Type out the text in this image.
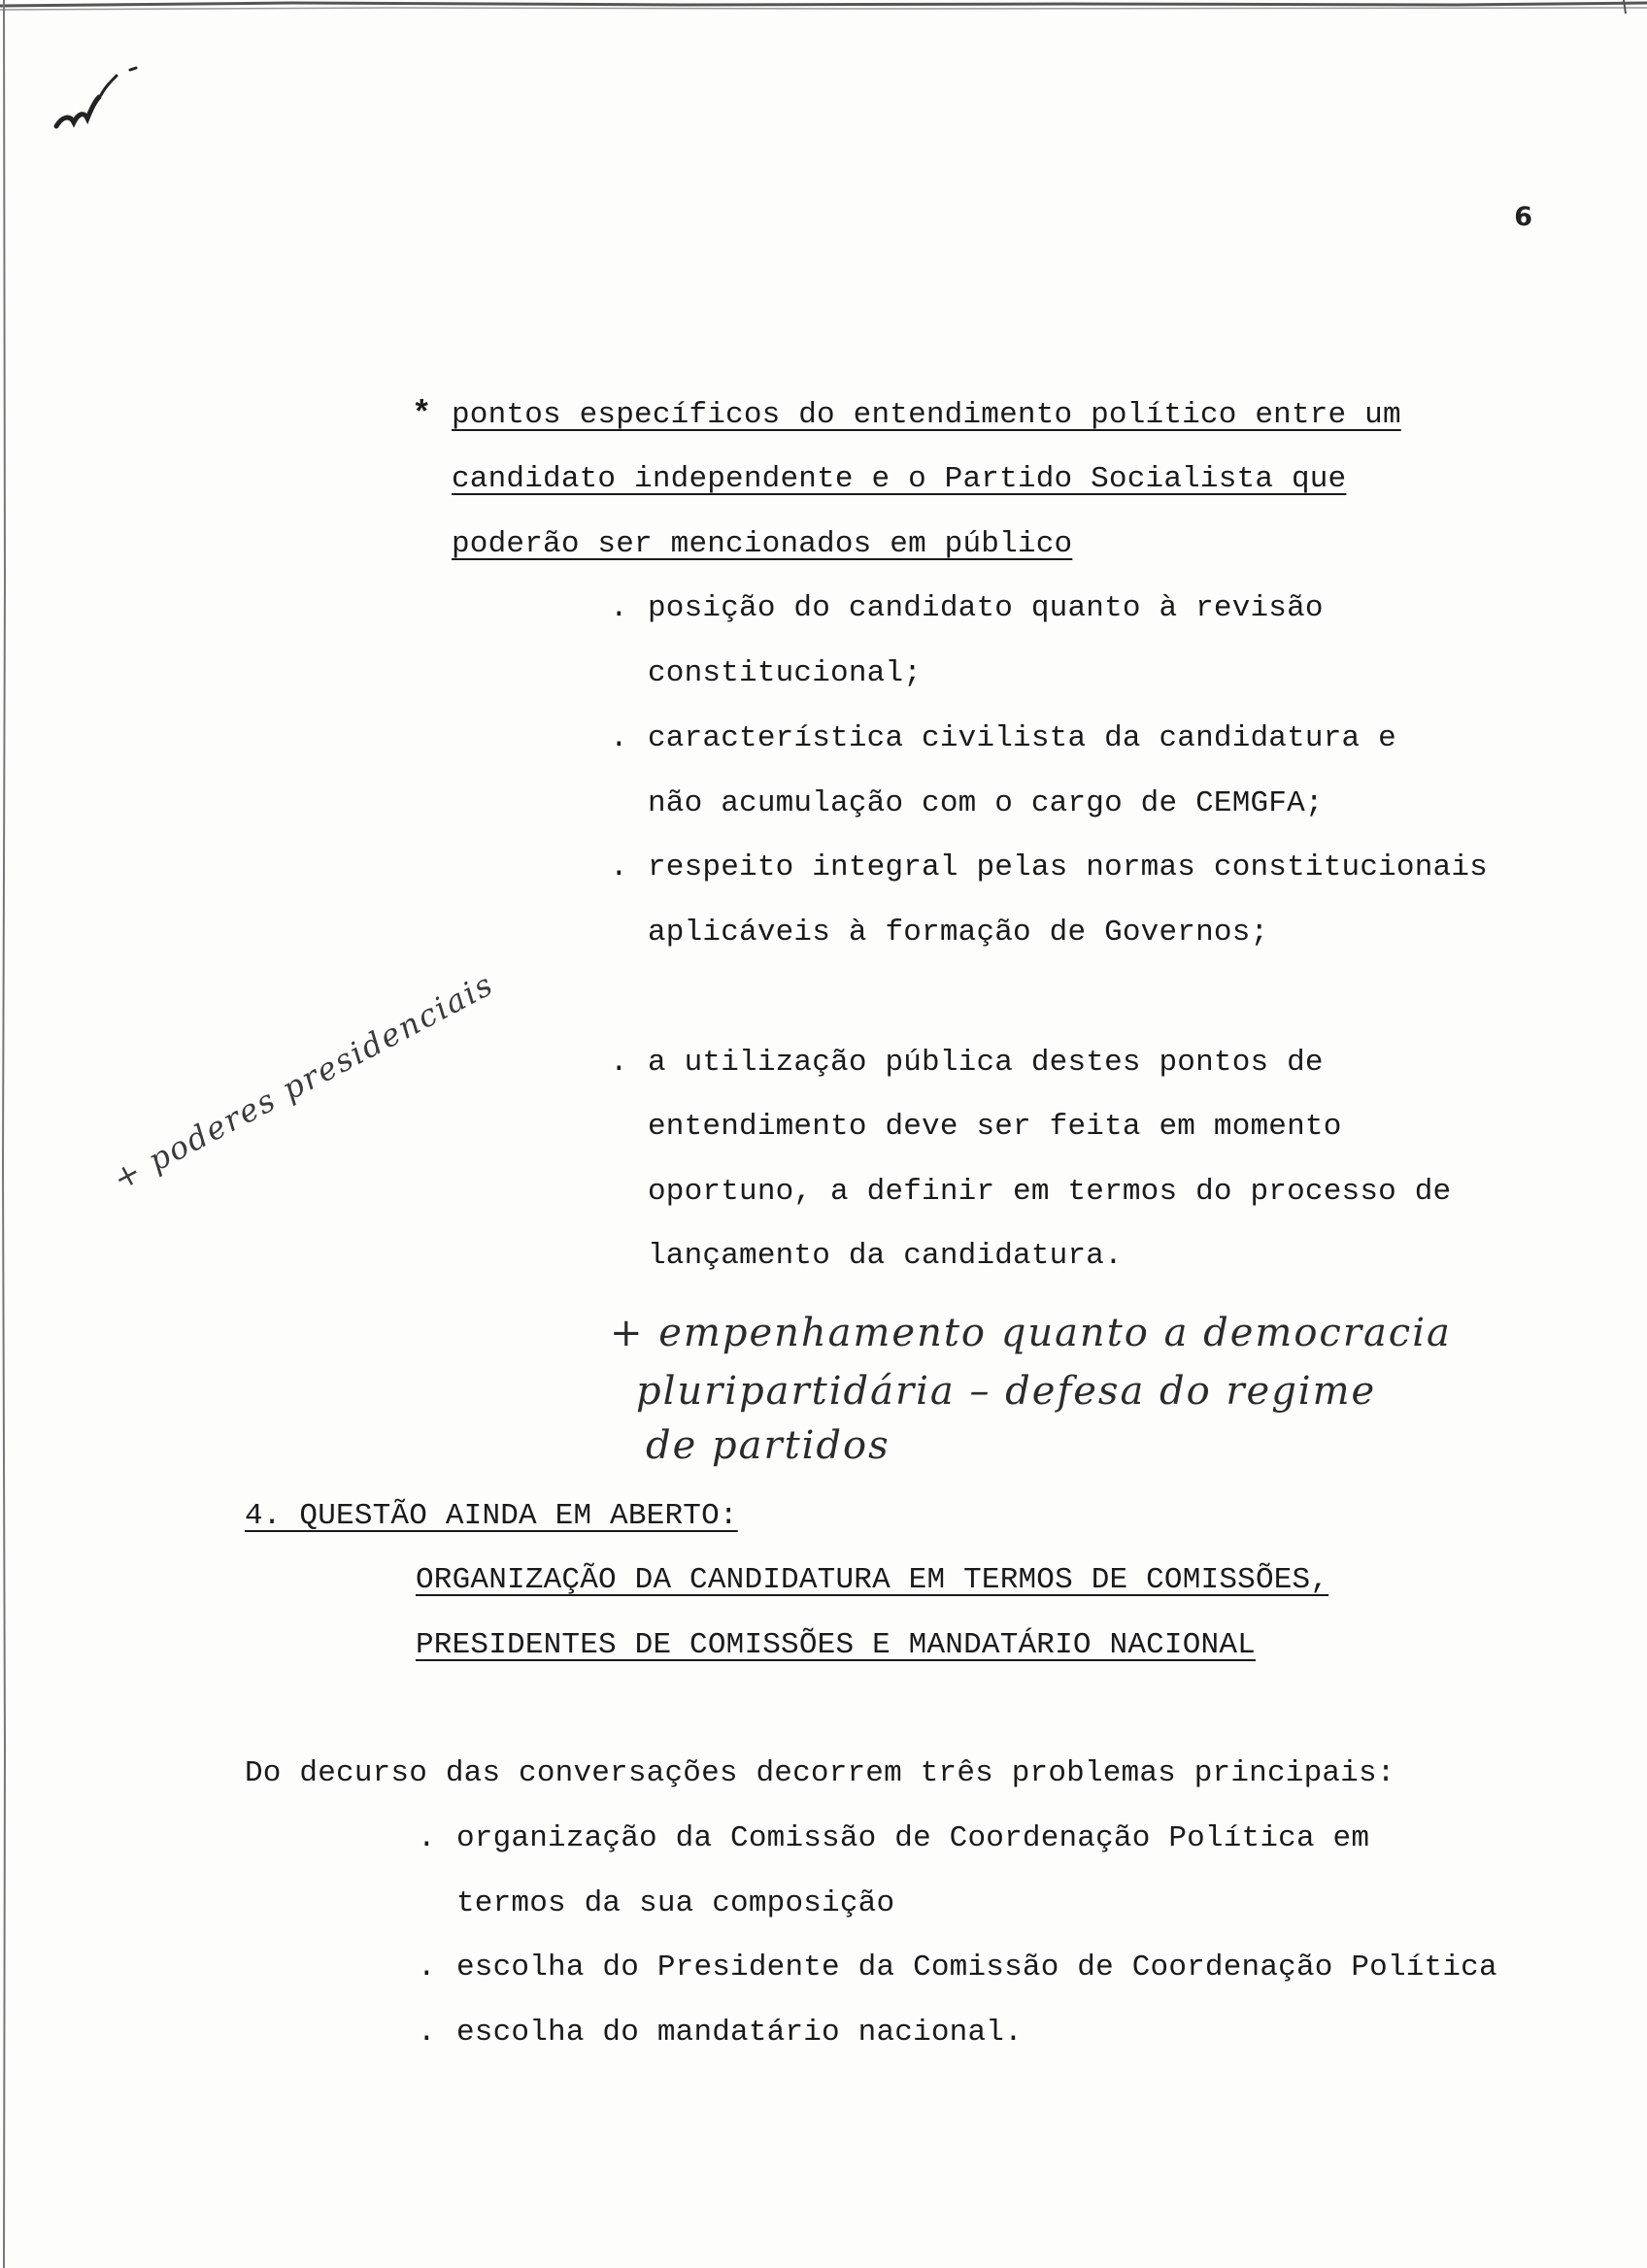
6
* pontos específicos do entendimento político entre um
candidato independente e o Partido Socialista que
poderão ser mencionados em público
. posição do candidato quanto à revisão
constitucional;
. característica civilista da candidatura e
não acumulação com o cargo de CEMGFA;
. respeito integral pelas normas constitucionais
aplicáveis à formação de Governos;
. a utilização pública destes pontos de
entendimento deve ser feita em momento
oportuno, a definir em termos do processo de
lançamento da candidatura.
+ poderes presidenciais
+ empenhamento quanto a democracia
pluripartidária – defesa do regime
de partidos
4. QUESTÃO AINDA EM ABERTO:
ORGANIZAÇÃO DA CANDIDATURA EM TERMOS DE COMISSÕES,
PRESIDENTES DE COMISSÕES E MANDATÁRIO NACIONAL
Do decurso das conversações decorrem três problemas principais:
. organização da Comissão de Coordenação Política em
termos da sua composição
. escolha do Presidente da Comissão de Coordenação Política
. escolha do mandatário nacional.
